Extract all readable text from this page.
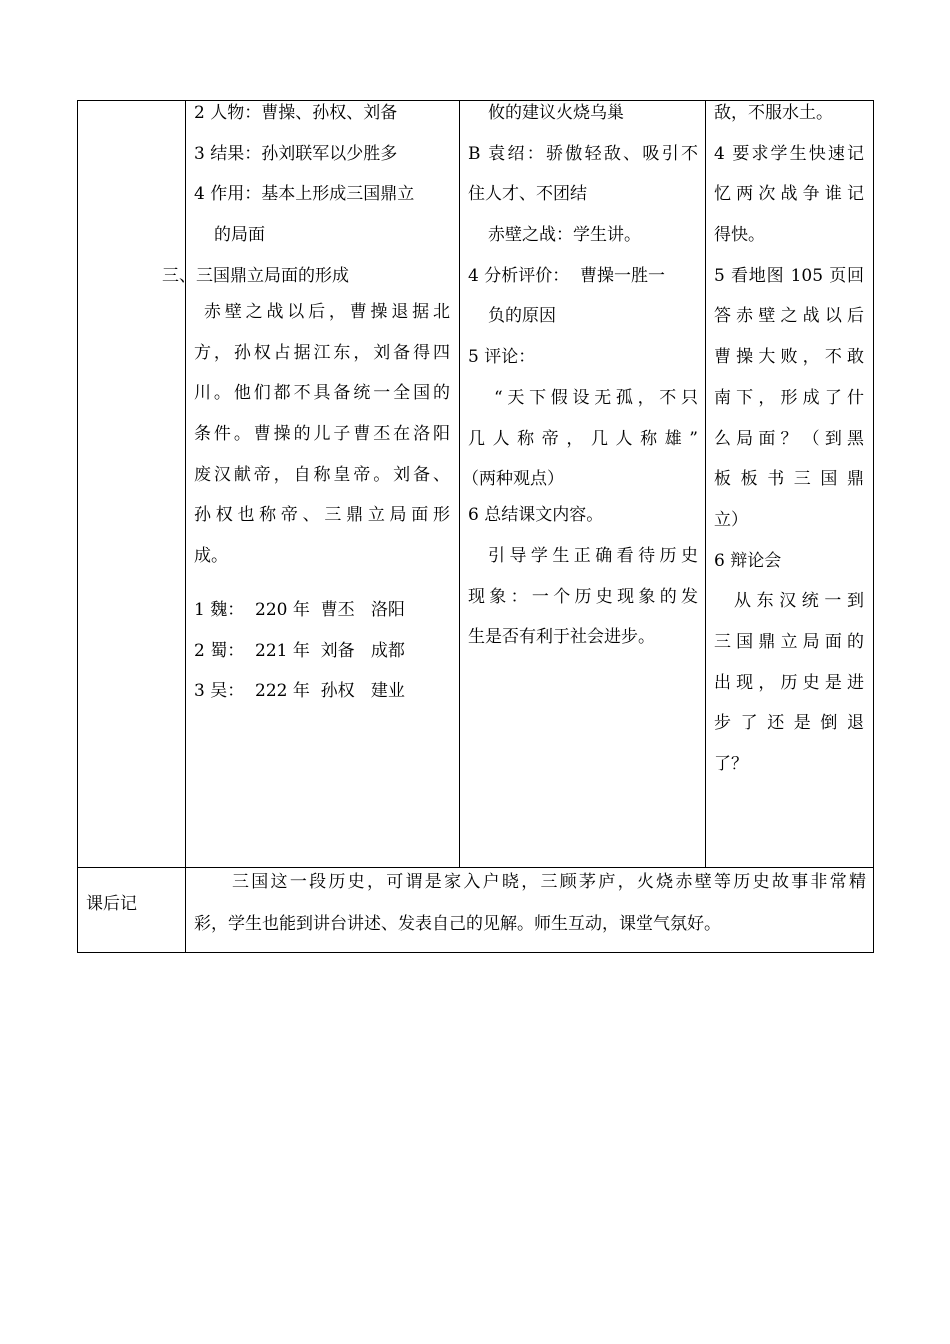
2 人物：曹操、孙权、刘备
3 结果：孙刘联军以少胜多
4 作用：基本上形成三国鼎立
的局面
三、三国鼎立局面的形成
赤壁之战以后，曹操退据北
方，孙权占据江东，刘备得四
川。他们都不具备统一全国的
条件。曹操的儿子曹丕在洛阳
废汉献帝，自称皇帝。刘备、
孙权也称帝、三鼎立局面形
成。
1 魏：  220 年  曹丕   洛阳
2 蜀：  221 年  刘备   成都
3 吴：  222 年  孙权   建业
攸的建议火烧乌巢
B 袁绍：骄傲轻敌、吸引不
住人才、不团结
赤壁之战：学生讲。
4 分析评价：  曹操一胜一
负的原因
5 评论：
“天下假设无孤，不只
几人称帝，几人称雄”
（两种观点）
6 总结课文内容。
引导学生正确看待历史
现象：一个历史现象的发
生是否有利于社会进步。
敌，不服水土。
4 要求学生快速记
忆两次战争谁记
得快。
5 看地图 105 页回
答赤壁之战以后
曹操大败，不敢
南下，形成了什
么局面？（到黑
板板书三国鼎
立）
6 辩论会
从东汉统一到
三国鼎立局面的
出现，历史是进
步了还是倒退
了？
课后记
三国这一段历史，可谓是家入户晓，三顾茅庐，火烧赤壁等历史故事非常精
彩，学生也能到讲台讲述、发表自己的见解。师生互动，课堂气氛好。
